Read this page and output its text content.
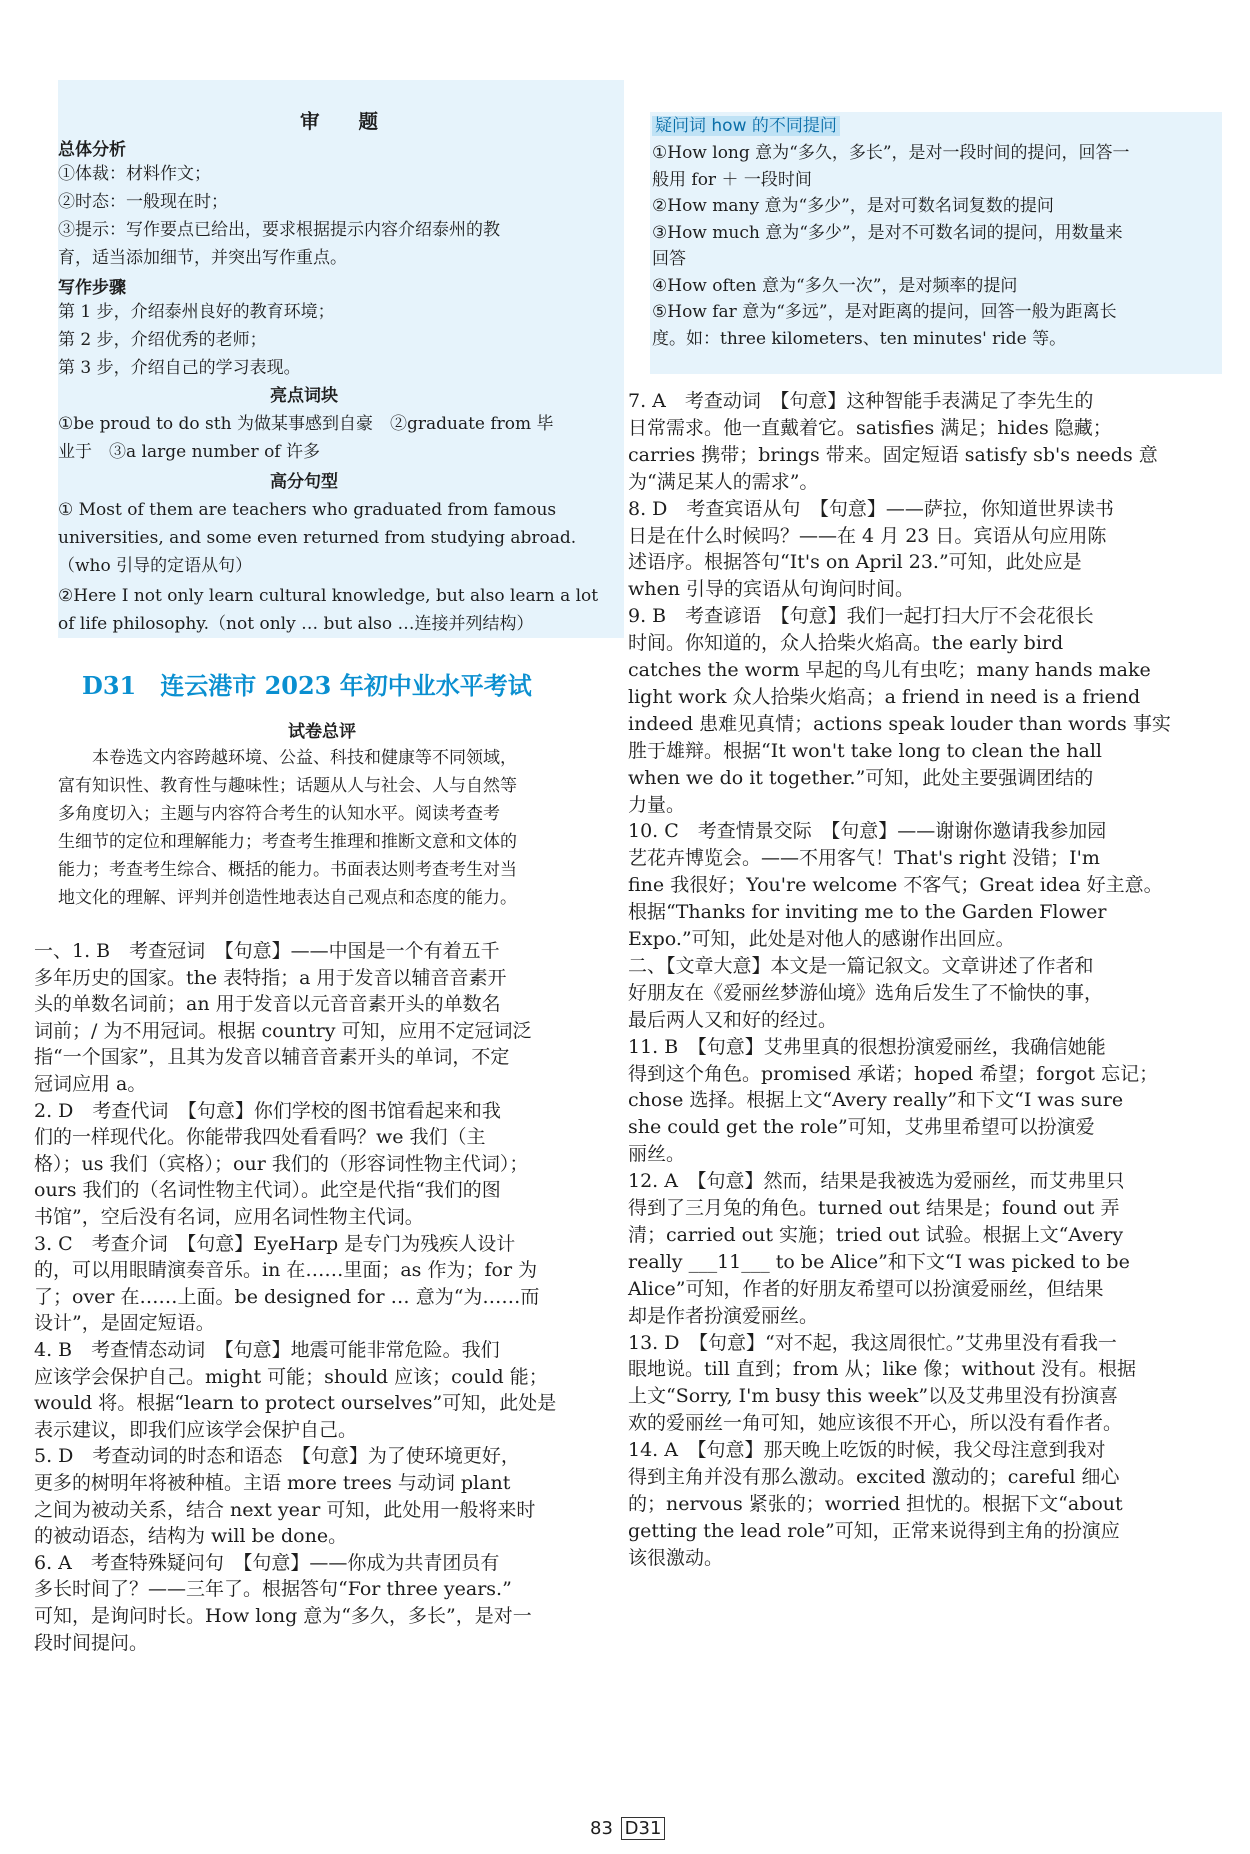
审　　题
总体分析
①体裁：材料作文；
②时态：一般现在时；
③提示：写作要点已给出，要求根据提示内容介绍泰州的教
育，适当添加细节，并突出写作重点。
写作步骤
第 1 步，介绍泰州良好的教育环境；
第 2 步，介绍优秀的老师；
第 3 步，介绍自己的学习表现。
亮点词块
①be proud to do sth 为做某事感到自豪　②graduate from 毕
业于　③a large number of 许多
高分句型
① Most of them are teachers who graduated from famous
universities, and some even returned from studying abroad.
（who 引导的定语从句）
②Here I not only learn cultural knowledge, but also learn a lot
of life philosophy.（not only … but also …连接并列结构）
D31　连云港市 2023 年初中业水平考试
试卷总评
　　本卷选文内容跨越环境、公益、科技和健康等不同领域，
富有知识性、教育性与趣味性；话题从人与社会、人与自然等
多角度切入；主题与内容符合考生的认知水平。阅读考查考
生细节的定位和理解能力；考查考生推理和推断文意和文体的
能力；考查考生综合、概括的能力。书面表达则考查考生对当
地文化的理解、评判并创造性地表达自己观点和态度的能力。
一、1. B　考查冠词　【句意】——中国是一个有着五千
多年历史的国家。the 表特指；a 用于发音以辅音音素开
头的单数名词前；an 用于发音以元音音素开头的单数名
词前；/ 为不用冠词。根据 country 可知，应用不定冠词泛
指“一个国家”，且其为发音以辅音音素开头的单词，不定
冠词应用 a。
2. D　考查代词　【句意】你们学校的图书馆看起来和我
们的一样现代化。你能带我四处看看吗？we 我们（主
格）；us 我们（宾格）；our 我们的（形容词性物主代词）；
ours 我们的（名词性物主代词）。此空是代指“我们的图
书馆”，空后没有名词，应用名词性物主代词。
3. C　考查介词　【句意】EyeHarp 是专门为残疾人设计
的，可以用眼睛演奏音乐。in 在……里面；as 作为；for 为
了；over 在……上面。be designed for … 意为“为……而
设计”，是固定短语。
4. B　考查情态动词　【句意】地震可能非常危险。我们
应该学会保护自己。might 可能；should 应该；could 能；
would 将。根据“learn to protect ourselves”可知，此处是
表示建议，即我们应该学会保护自己。
5. D　考查动词的时态和语态　【句意】为了使环境更好，
更多的树明年将被种植。主语 more trees 与动词 plant
之间为被动关系，结合 next year 可知，此处用一般将来时
的被动语态，结构为 will be done。
6. A　考查特殊疑问句　【句意】——你成为共青团员有
多长时间了？——三年了。根据答句“For three years.”
可知，是询问时长。How long 意为“多久，多长”，是对一
段时间提问。
疑问词 how 的不同提问
①How long 意为“多久，多长”，是对一段时间的提问，回答一
般用 for ＋ 一段时间
②How many 意为“多少”，是对可数名词复数的提问
③How much 意为“多少”，是对不可数名词的提问，用数量来
回答
④How often 意为“多久一次”，是对频率的提问
⑤How far 意为“多远”，是对距离的提问，回答一般为距离长
度。如：three kilometers、ten minutes' ride 等。
7. A　考查动词　【句意】这种智能手表满足了李先生的
日常需求。他一直戴着它。satisfies 满足；hides 隐藏；
carries 携带；brings 带来。固定短语 satisfy sb's needs 意
为“满足某人的需求”。
8. D　考查宾语从句　【句意】——萨拉，你知道世界读书
日是在什么时候吗？——在 4 月 23 日。宾语从句应用陈
述语序。根据答句“It's on April 23.”可知，此处应是
when 引导的宾语从句询问时间。
9. B　考查谚语　【句意】我们一起打扫大厅不会花很长
时间。你知道的，众人拾柴火焰高。the early bird
catches the worm 早起的鸟儿有虫吃；many hands make
light work 众人拾柴火焰高；a friend in need is a friend
indeed 患难见真情；actions speak louder than words 事实
胜于雄辩。根据“It won't take long to clean the hall
when we do it together.”可知，此处主要强调团结的
力量。
10. C　考查情景交际　【句意】——谢谢你邀请我参加园
艺花卉博览会。——不用客气！That's right 没错；I'm
fine 我很好；You're welcome 不客气；Great idea 好主意。
根据“Thanks for inviting me to the Garden Flower
Expo.”可知，此处是对他人的感谢作出回应。
二、【文章大意】本文是一篇记叙文。文章讲述了作者和
好朋友在《爱丽丝梦游仙境》选角后发生了不愉快的事，
最后两人又和好的经过。
11. B　【句意】艾弗里真的很想扮演爱丽丝，我确信她能
得到这个角色。promised 承诺；hoped 希望；forgot 忘记；
chose 选择。根据上文“Avery really”和下文“I was sure
she could get the role”可知，艾弗里希望可以扮演爱
丽丝。
12. A　【句意】然而，结果是我被选为爱丽丝，而艾弗里只
得到了三月兔的角色。turned out 结果是；found out 弄
清；carried out 实施；tried out 试验。根据上文“Avery
really ___11___ to be Alice”和下文“I was picked to be
Alice”可知，作者的好朋友希望可以扮演爱丽丝，但结果
却是作者扮演爱丽丝。
13. D　【句意】“对不起，我这周很忙。”艾弗里没有看我一
眼地说。till 直到；from 从；like 像；without 没有。根据
上文“Sorry, I'm busy this week”以及艾弗里没有扮演喜
欢的爱丽丝一角可知，她应该很不开心，所以没有看作者。
14. A　【句意】那天晚上吃饭的时候，我父母注意到我对
得到主角并没有那么激动。excited 激动的；careful 细心
的；nervous 紧张的；worried 担忧的。根据下文“about
getting the lead role”可知，正常来说得到主角的扮演应
该很激动。
83 D31
